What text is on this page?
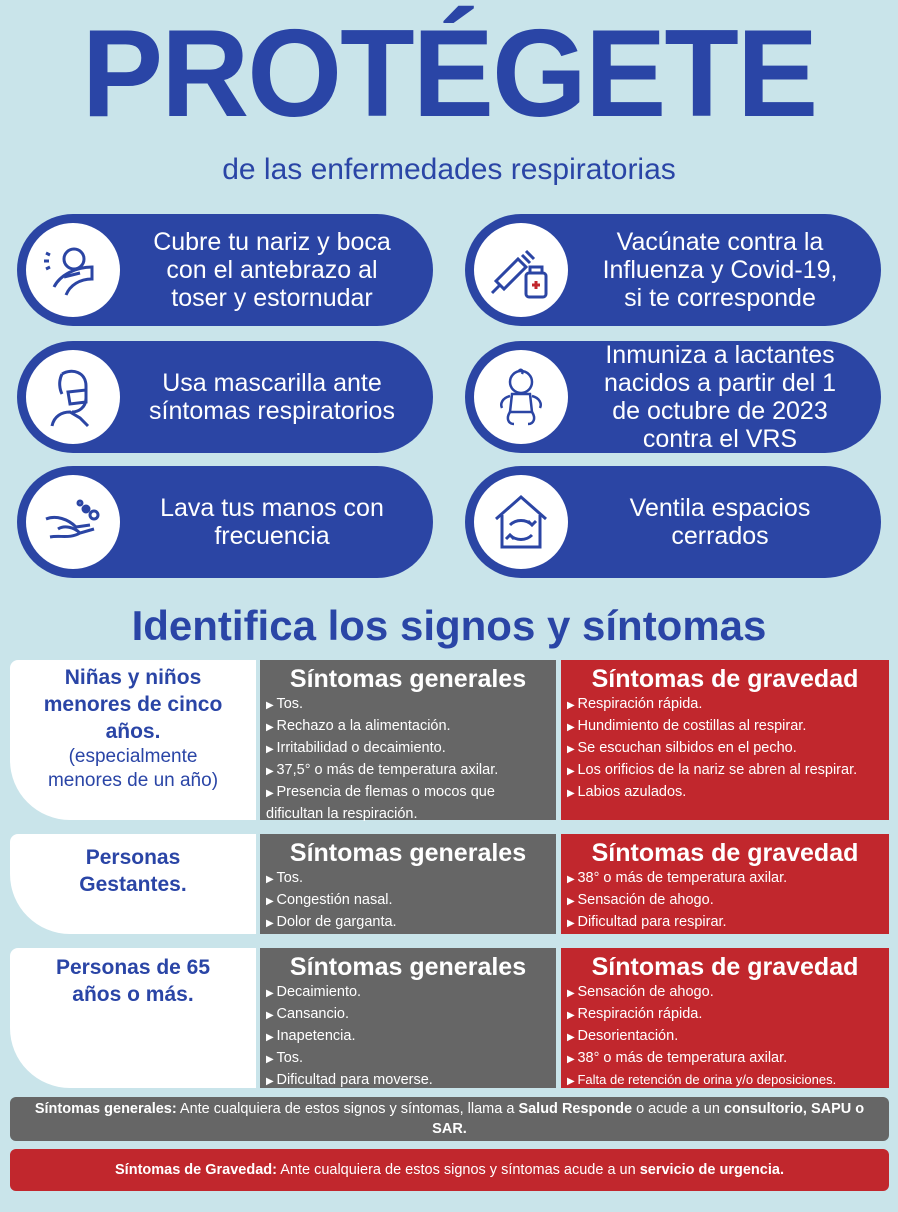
PROTÉGETE
de las enfermedades respiratorias
Cubre tu nariz y boca
con el antebrazo al
toser y estornudar
Vacúnate contra la
Influenza y Covid-19,
si te corresponde
Usa mascarilla ante
síntomas respiratorios
Inmuniza a lactantes
nacidos a partir del 1
de octubre de 2023
contra el VRS
Lava tus manos con
frecuencia
Ventila espacios
cerrados
Identifica los signos y síntomas
Niñas y niños
menores de cinco
años.
(especialmente
menores de un año)
Síntomas generales
▶ Tos.
▶ Rechazo a la alimentación.
▶ Irritabilidad o decaimiento.
▶ 37,5° o más de temperatura axilar.
▶ Presencia de flemas o mocos que dificultan la respiración.
Síntomas de gravedad
▶ Respiración rápida.
▶ Hundimiento de costillas al respirar.
▶ Se escuchan silbidos en el pecho.
▶ Los orificios de la nariz se abren al respirar.
▶ Labios azulados.
Personas
Gestantes.
Síntomas generales
▶ Tos.
▶ Congestión nasal.
▶ Dolor de garganta.
Síntomas de gravedad
▶ 38° o más de temperatura axilar.
▶ Sensación de ahogo.
▶ Dificultad para respirar.
Personas de 65
años o más.
Síntomas generales
▶ Decaimiento.
▶ Cansancio.
▶ Inapetencia.
▶ Tos.
▶ Dificultad para moverse.
Síntomas de gravedad
▶ Sensación de ahogo.
▶ Respiración rápida.
▶ Desorientación.
▶ 38° o más de temperatura axilar.
▶ Falta de retención de orina y/o deposiciones.
Síntomas generales: Ante cualquiera de estos signos y síntomas, llama a Salud Responde o acude a un consultorio, SAPU o SAR.
Síntomas de Gravedad: Ante cualquiera de estos signos y síntomas acude a un servicio de urgencia.
